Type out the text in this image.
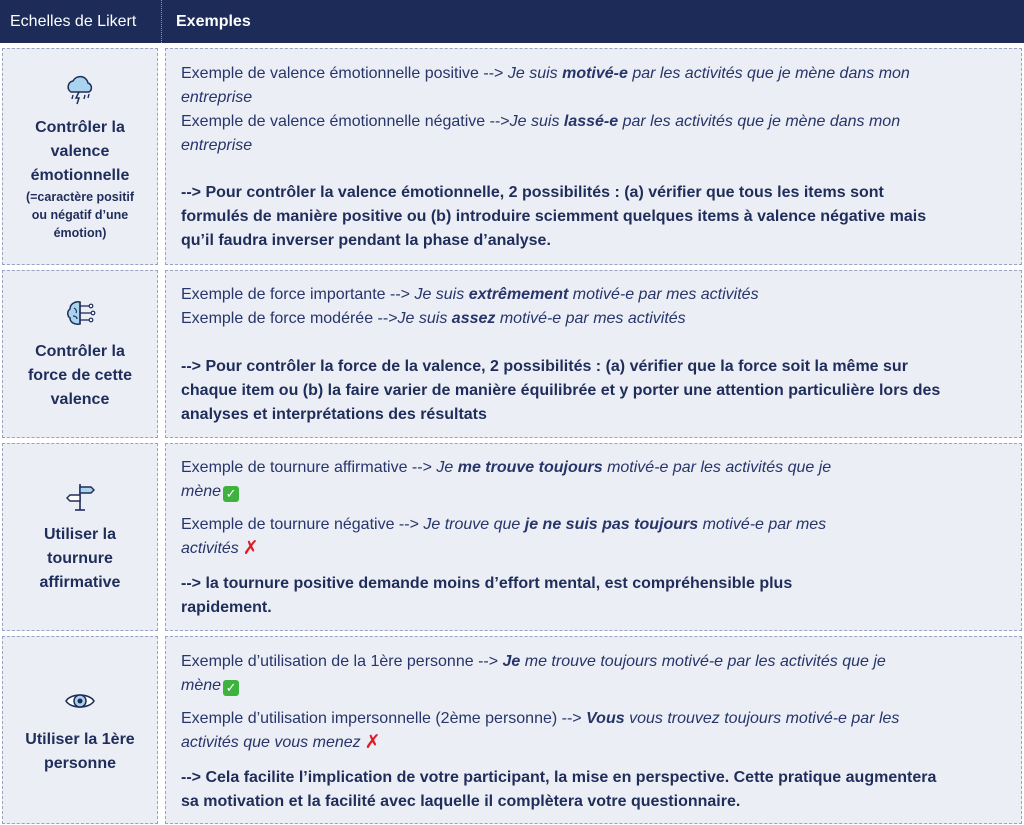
Echelles de Likert	Exemples
Contrôler la
valence
émotionnelle
(=caractère positif
ou négatif d’une
émotion)
Exemple de valence émotionnelle positive --> Je suis motivé-e par les activités que je mène dans mon
entreprise
Exemple de valence émotionnelle négative -->Je suis lassé-e par les activités que je mène dans mon
entreprise
--> Pour contrôler la valence émotionnelle, 2 possibilités : (a) vérifier que tous les items sont
formulés de manière positive ou (b) introduire sciemment quelques items à valence négative mais
qu’il faudra inverser pendant la phase d’analyse.
Contrôler la
force de cette
valence
Exemple de force importante --> Je suis extrêmement motivé-e par mes activités
Exemple de force modérée -->Je suis assez motivé-e par mes activités
--> Pour contrôler la force de la valence, 2 possibilités : (a) vérifier que la force soit la même sur
chaque item ou (b) la faire varier de manière équilibrée et y porter une attention particulière lors des
analyses et interprétations des résultats
Utiliser la
tournure
affirmative
Exemple de tournure affirmative --> Je me trouve toujours motivé-e par les activités que je
mène ✓
Exemple de tournure négative --> Je trouve que je ne suis pas toujours motivé-e par mes
activités ✗
--> la tournure positive demande moins d’effort mental, est compréhensible plus
rapidement.
Utiliser la 1ère
personne
Exemple d’utilisation de la 1ère personne --> Je me trouve toujours motivé-e par les activités que je
mène ✓
Exemple d’utilisation impersonnelle (2ème personne) --> Vous vous trouvez toujours motivé-e par les
activités que vous menez ✗
--> Cela facilite l’implication de votre participant, la mise en perspective. Cette pratique augmentera
sa motivation et la facilité avec laquelle il complètera votre questionnaire.
